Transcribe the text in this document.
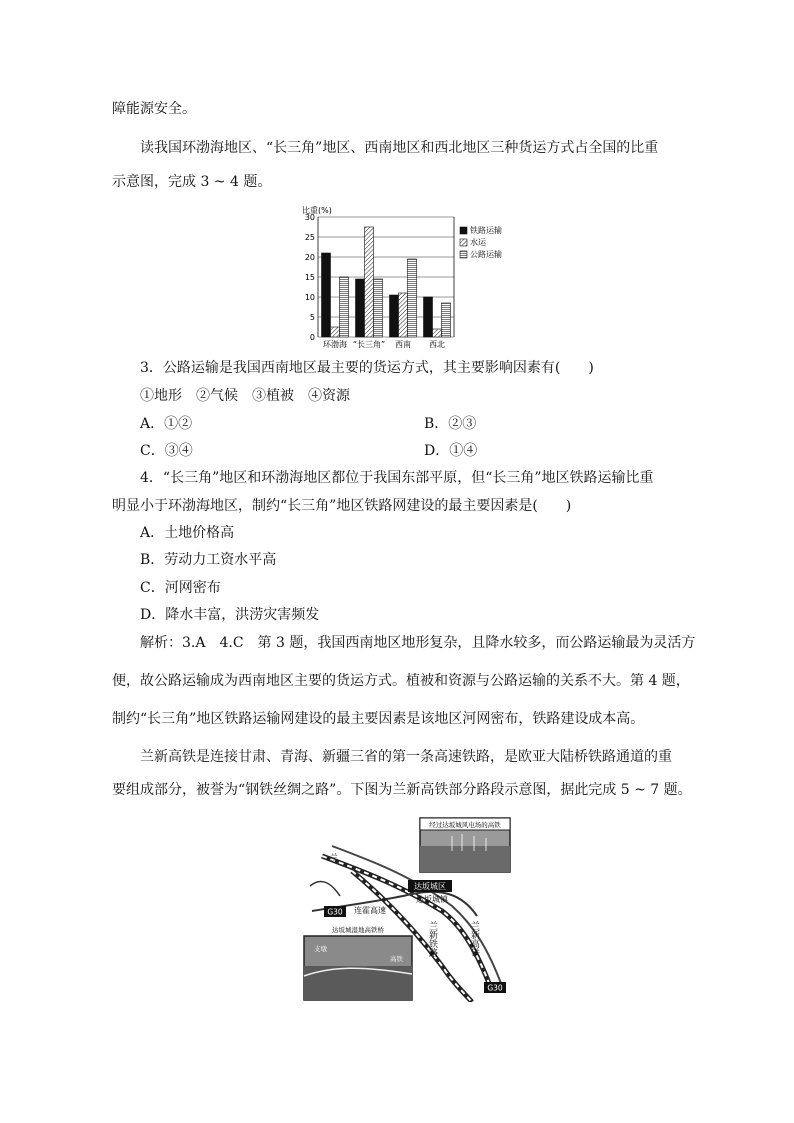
障能源安全。
读我国环渤海地区、“长三角”地区、西南地区和西北地区三种货运方式占全国的比重
示意图，完成 3 ~ 4 题。
比重(%)
0
5
10
15
20
25
30
环渤海 “长三角” 西南 西北
铁路运输
水运
公路运输
3．公路运输是我国西南地区最主要的货运方式，其主要影响因素有(　　)
①地形　②气候　③植被　④资源
A．①②	B．②③
C．③④	D．①④
4．“长三角”地区和环渤海地区都位于我国东部平原，但“长三角”地区铁路运输比重
明显小于环渤海地区，制约“长三角”地区铁路网建设的最主要因素是(　　)
A．土地价格高
B．劳动力工资水平高
C．河网密布
D．降水丰富，洪涝灾害频发
解析：3.A　4.C　第 3 题，我国西南地区地形复杂，且降水较多，而公路运输最为灵活方
便，故公路运输成为西南地区主要的货运方式。植被和资源与公路运输的关系不大。第 4 题，
制约“长三角”地区铁路运输网建设的最主要因素是该地区河网密布，铁路建设成本高。
兰新高铁是连接甘肃、青海、新疆三省的第一条高速铁路，是欧亚大陆桥铁路通道的重
要组成部分，被誉为“钢铁丝绸之路”。下图为兰新高铁部分路段示意图，据此完成 5 ~ 7 题。
经过达坂城风电场的高铁
达坂城区
达坂城镇
G30
G30
连霍高速
兰新高铁
兰新铁路
兰
达坂城湿地高铁桥
支墩
高铁
